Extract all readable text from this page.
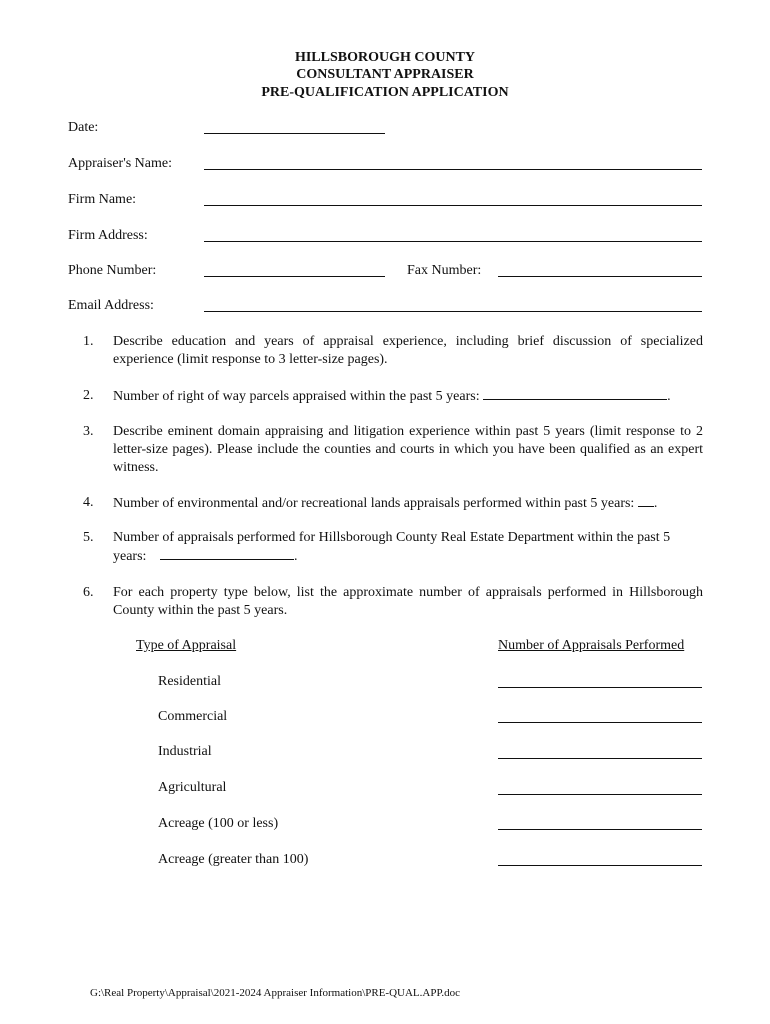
HILLSBOROUGH COUNTY
CONSULTANT APPRAISER
PRE-QUALIFICATION APPLICATION
Date:
Appraiser's Name:
Firm Name:
Firm Address:
Phone Number:	Fax Number:
Email Address:
1. Describe education and years of appraisal experience, including brief discussion of specialized experience (limit response to 3 letter-size pages).
2. Number of right of way parcels appraised within the past 5 years:	.
3. Describe eminent domain appraising and litigation experience within past 5 years (limit response to 2 letter-size pages). Please include the counties and courts in which you have been qualified as an expert witness.
4. Number of environmental and/or recreational lands appraisals performed within past 5 years: .
5. Number of appraisals performed for Hillsborough County Real Estate Department within the past 5 years:	.
6. For each property type below, list the approximate number of appraisals performed in Hillsborough County within the past 5 years.
Type of Appraisal	Number of Appraisals Performed
Residential
Commercial
Industrial
Agricultural
Acreage (100 or less)
Acreage (greater than 100)
G:\Real Property\Appraisal\2021-2024 Appraiser Information\PRE-QUAL.APP.doc
